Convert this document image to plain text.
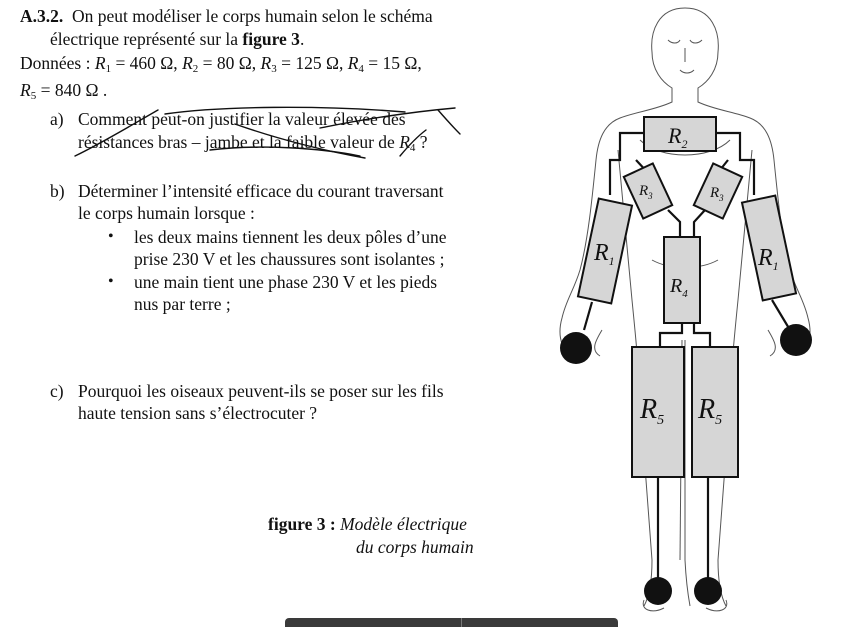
A.3.2. On peut modéliser le corps humain selon le schéma
électrique représenté sur la figure 3.
Données : $R_1 = 460$ Ω, $R_2 = 80$ Ω, $R_3 = 125$ Ω, $R_4 = 15$ Ω,
$R_5 = 840$ Ω .
a) Comment peut-on justifier la valeur élevée des
résistances bras – jambe et la faible valeur de $R_4$ ?
b) Déterminer l’intensité efficace du courant traversant
le corps humain lorsque :
• les deux mains tiennent les deux pôles d’une
prise 230 V et les chaussures sont isolantes ;
• une main tient une phase 230 V et les pieds
nus par terre ;
c) Pourquoi les oiseaux peuvent-ils se poser sur les fils
haute tension sans s’électrocuter ?
figure 3 : Modèle électrique
du corps humain
$R_2$
$R_4$
$R_5$ $R_5$
$R_1$	$R_1$
$R_3$	$R_3$
